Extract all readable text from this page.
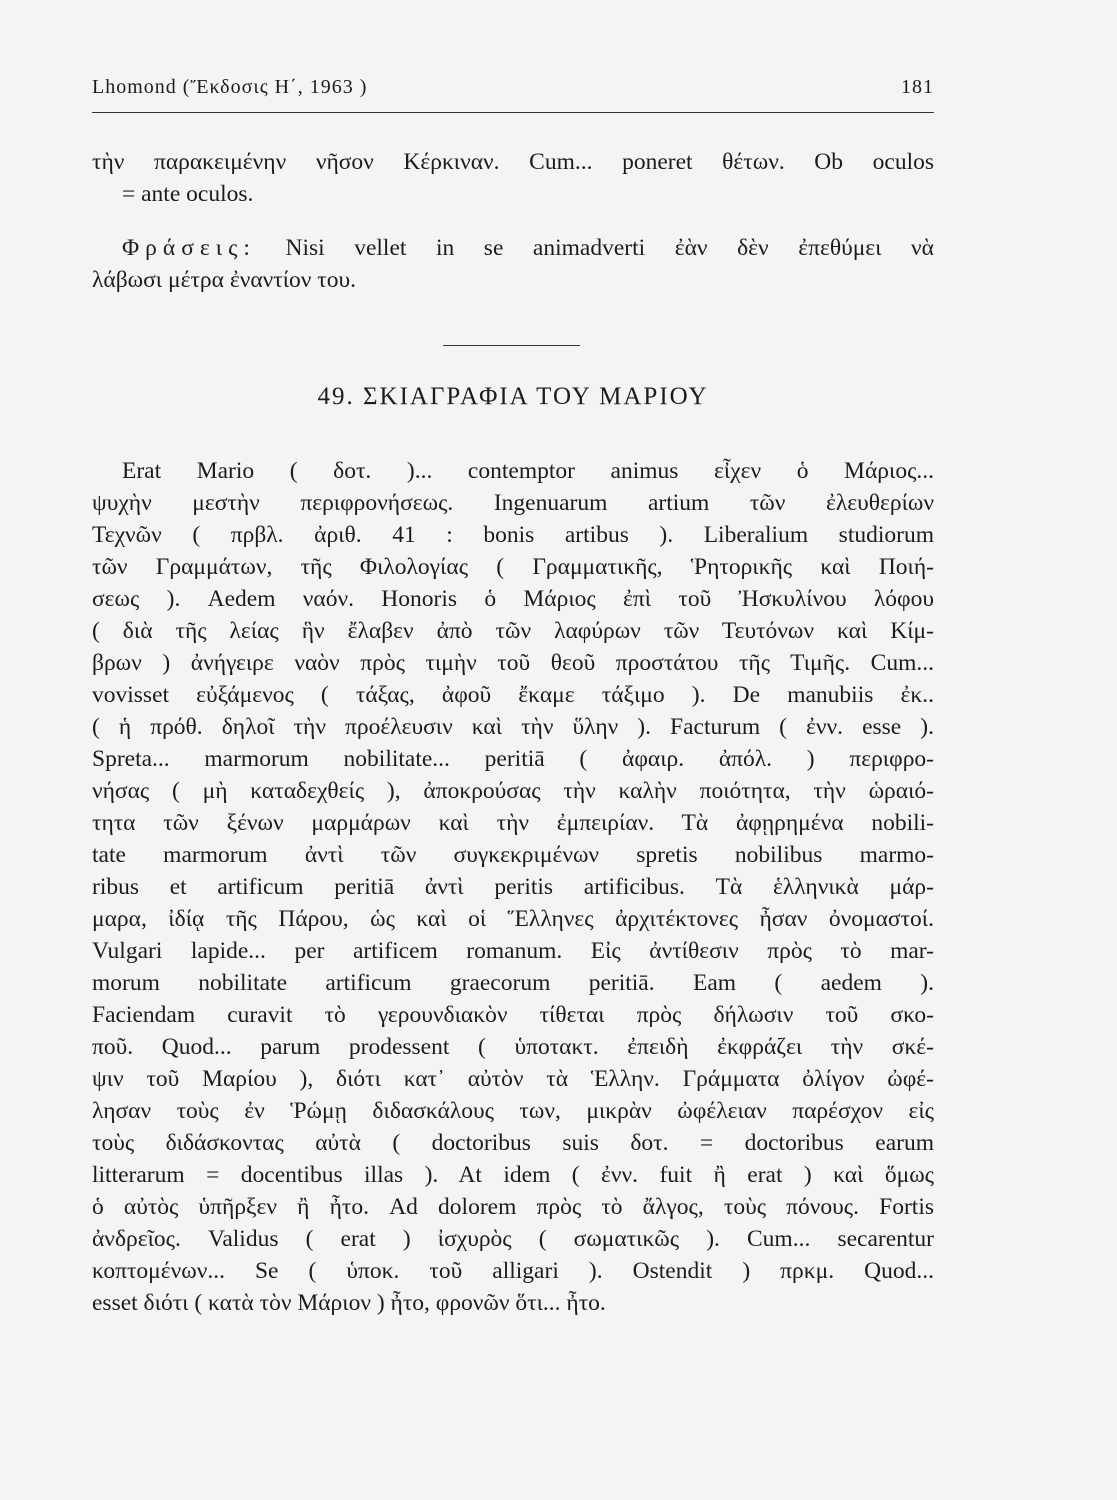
Lhomond (Ἔκδοσις Η΄, 1963 )	181
τὴν παρακειμένην νῆσον Κέρκιναν. Cum... poneret θέτων. Ob oculos
= ante oculos.
Φράσεις: Nisi vellet in se animadverti ἐὰν δὲν ἐπεθύμει νὰ
λάβωσι μέτρα ἐναντίον του.
49. ΣΚΙΑΓΡΑΦΙΑ ΤΟΥ ΜΑΡΙΟΥ
Erat Mario ( δοτ. )... contemptor animus εἶχεν ὁ Μάριος...
ψυχὴν μεστὴν περιφρονήσεως. Ingenuarum artium τῶν ἐλευθερίων
Τεχνῶν ( πρβλ. ἀριθ. 41 : bonis artibus ). Liberalium studiorum
τῶν Γραμμάτων, τῆς Φιλολογίας ( Γραμματικῆς, Ῥητορικῆς καὶ Ποιή-
σεως ). Aedem ναόν. Honoris ὁ Μάριος ἐπὶ τοῦ Ἠσκυλίνου λόφου
( διὰ τῆς λείας ἣν ἔλαβεν ἀπὸ τῶν λαφύρων τῶν Τευτόνων καὶ Κίμ-
βρων ) ἀνήγειρε ναὸν πρὸς τιμὴν τοῦ θεοῦ προστάτου τῆς Τιμῆς. Cum...
vovisset εὐξάμενος ( τάξας, ἀφοῦ ἔκαμε τάξιμο ). De manubiis ἐκ..
( ἡ πρόθ. δηλοῖ τὴν προέλευσιν καὶ τὴν ὕλην ). Facturum ( ἐνν. esse ).
Spreta... marmorum nobilitate... peritiā ( ἀφαιρ. ἀπόλ. ) περιφρο-
νήσας ( μὴ καταδεχθείς ), ἀποκρούσας τὴν καλὴν ποιότητα, τὴν ὡραιό-
τητα τῶν ξένων μαρμάρων καὶ τὴν ἐμπειρίαν. Τὰ ἀφῃρημένα nobili-
tate marmorum ἀντὶ τῶν συγκεκριμένων spretis nobilibus marmo-
ribus et artificum peritiā ἀντὶ peritis artificibus. Τὰ ἑλληνικὰ μάρ-
μαρα, ἰδίᾳ τῆς Πάρου, ὡς καὶ οἱ Ἕλληνες ἀρχιτέκτονες ἦσαν ὀνομαστοί.
Vulgari lapide... per artificem romanum. Εἰς ἀντίθεσιν πρὸς τὸ mar-
morum nobilitate artificum graecorum peritiā. Eam ( aedem ).
Faciendam curavit τὸ γερουνδιακὸν τίθεται πρὸς δήλωσιν τοῦ σκο-
ποῦ. Quod... parum prodessent ( ὑποτακτ. ἐπειδὴ ἐκφράζει τὴν σκέ-
ψιν τοῦ Μαρίου ), διότι κατ᾿ αὐτὸν τὰ Ἑλλην. Γράμματα ὀλίγον ὠφέ-
λησαν τοὺς ἐν Ῥώμῃ διδασκάλους των, μικρὰν ὠφέλειαν παρέσχον εἰς
τοὺς διδάσκοντας αὐτὰ ( doctoribus suis δοτ. = doctoribus earum
litterarum = docentibus illas ). At idem ( ἐνν. fuit ἢ erat ) καὶ ὅμως
ὁ αὐτὸς ὑπῆρξεν ἢ ἦτο. Ad dolorem πρὸς τὸ ἄλγος, τοὺς πόνους. Fortis
ἀνδρεῖος. Validus ( erat ) ἰσχυρὸς ( σωματικῶς ). Cum... secarentur
κοπτομένων... Se ( ὑποκ. τοῦ alligari ). Ostendit ) πρκμ. Quod...
esset διότι ( κατὰ τὸν Μάριον ) ἦτο, φρονῶν ὅτι... ἦτο.
